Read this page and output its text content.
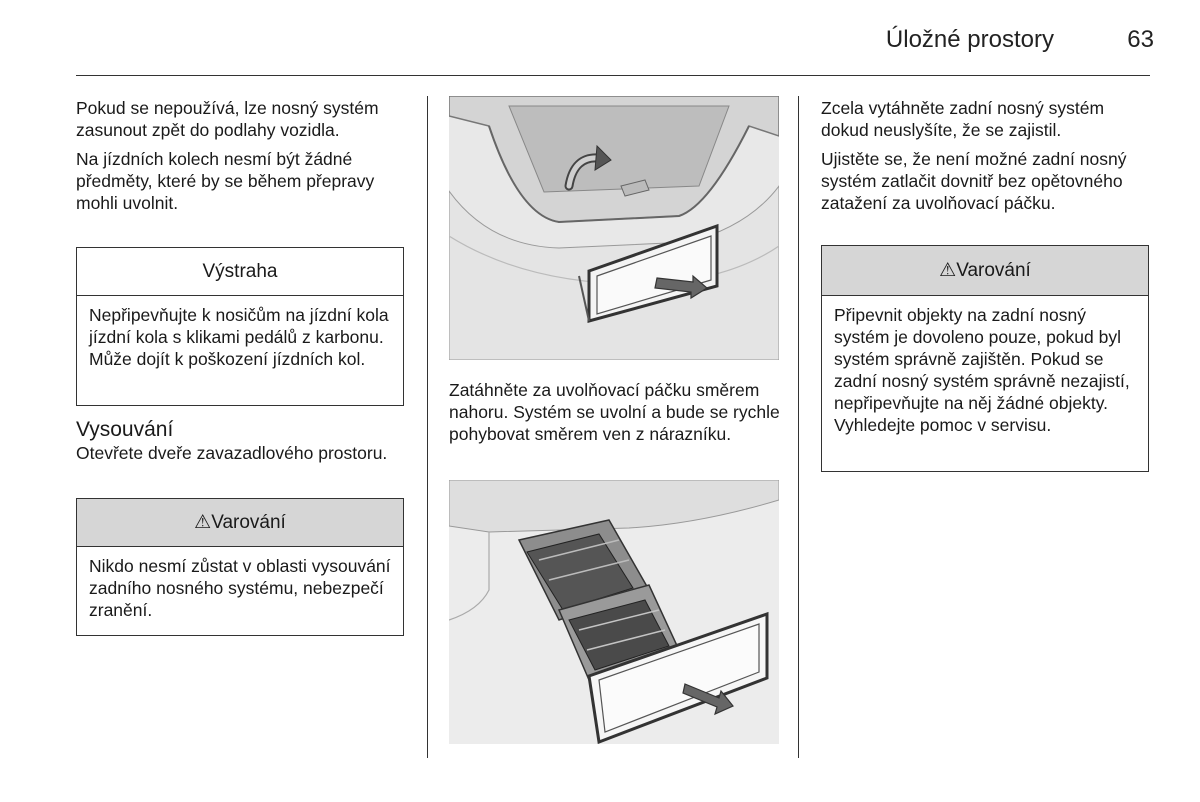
Úložné prostory	63

Pokud se nepoužívá, lze nosný systém zasunout zpět do podlahy vozidla.

Na jízdních kolech nesmí být žádné předměty, které by se během přepravy mohli uvolnit.

Výstraha
Nepřipevňujte k nosičům na jízdní kola jízdní kola s klikami pedálů z karbonu. Může dojít k poškození jízdních kol.
Vysouvání

Otevřete dveře zavazadlového prostoru.

⚠Varování
Nikdo nesmí zůstat v oblasti vysouvání zadního nosného systému, nebezpečí zranění.

Zatáhněte za uvolňovací páčku směrem nahoru. Systém se uvolní a bude se rychle pohybovat směrem ven z nárazníku.

Zcela vytáhněte zadní nosný systém dokud neuslyšíte, že se zajistil.

Ujistěte se, že není možné zadní nosný systém zatlačit dovnitř bez opětovného zatažení za uvolňovací páčku.

⚠Varování
Připevnit objekty na zadní nosný systém je dovoleno pouze, pokud byl systém správně zajištěn. Pokud se zadní nosný systém správně nezajistí, nepřipevňujte na něj žádné objekty. Vyhledejte pomoc v servisu.
